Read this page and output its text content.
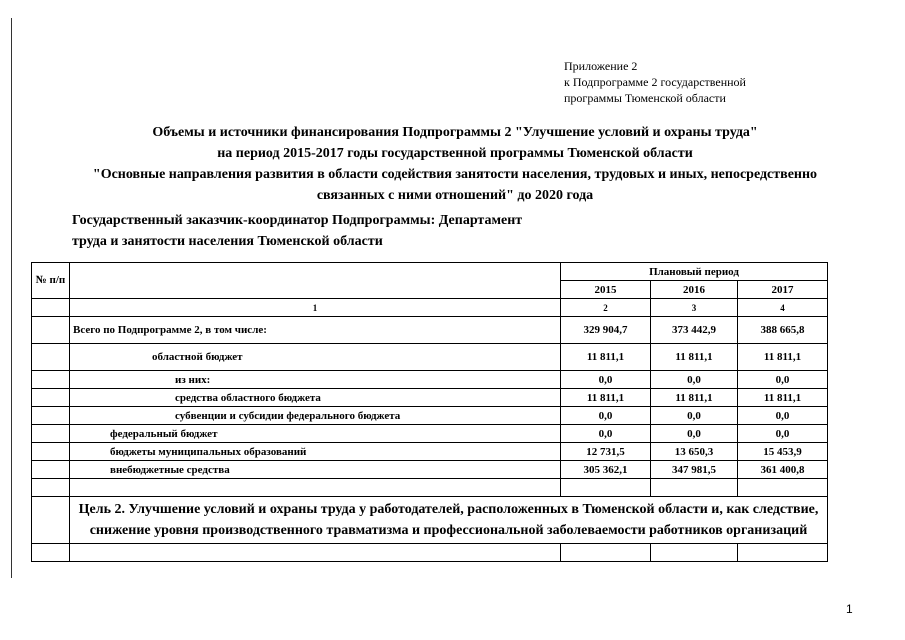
Приложение 2
к Подпрограмме 2 государственной
программы Тюменской области
Объемы и источники финансирования Подпрограммы 2 "Улучшение условий и охраны труда"
на период 2015-2017 годы государственной программы Тюменской области
"Основные направления развития в области содействия занятости населения, трудовых и иных, непосредственно
связанных с ними отношений" до 2020 года
Государственный заказчик-координатор Подпрограммы: Департамент
труда и занятости населения Тюменской области
№ п/п		Плановый период		
		2015	2016	2017
	1	2	3	4
	Всего по Подпрограмме 2, в том числе:	329 904,7	373 442,9	388 665,8
	областной бюджет	11 811,1	11 811,1	11 811,1
	из них:	0,0	0,0	0,0
	средства областного бюджета	11 811,1	11 811,1	11 811,1
	субвенции и субсидии федерального бюджета	0,0	0,0	0,0
	федеральный бюджет	0,0	0,0	0,0
	бюджеты муниципальных образований	12 731,5	13 650,3	15 453,9
	внебюджетные средства	305 362,1	347 981,5	361 400,8

	Цель 2. Улучшение условий и охраны труда у работодателей, расположенных в Тюменской области и, как следствие, снижение уровня производственного травматизма и профессиональной заболеваемости работников организаций			

1
